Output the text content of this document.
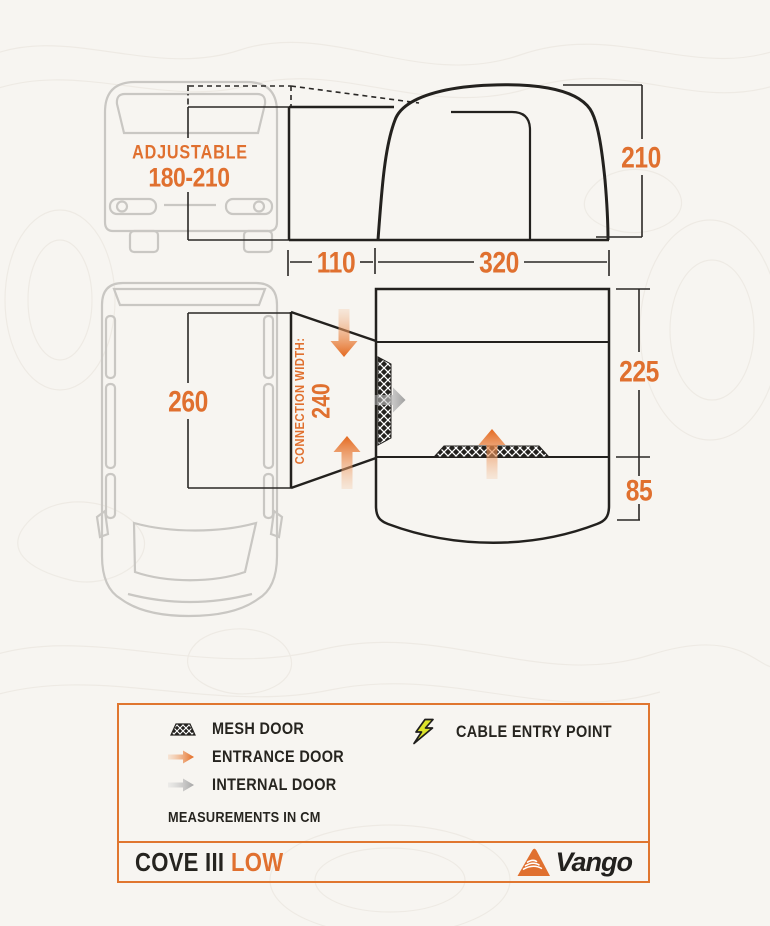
ADJUSTABLE
180-210
210
110	320
260	CONNECTION WIDTH: 240
225
85
MESH DOOR
ENTRANCE DOOR
INTERNAL DOOR
MEASUREMENTS IN CM
CABLE ENTRY POINT
COVE III LOW	Vango
